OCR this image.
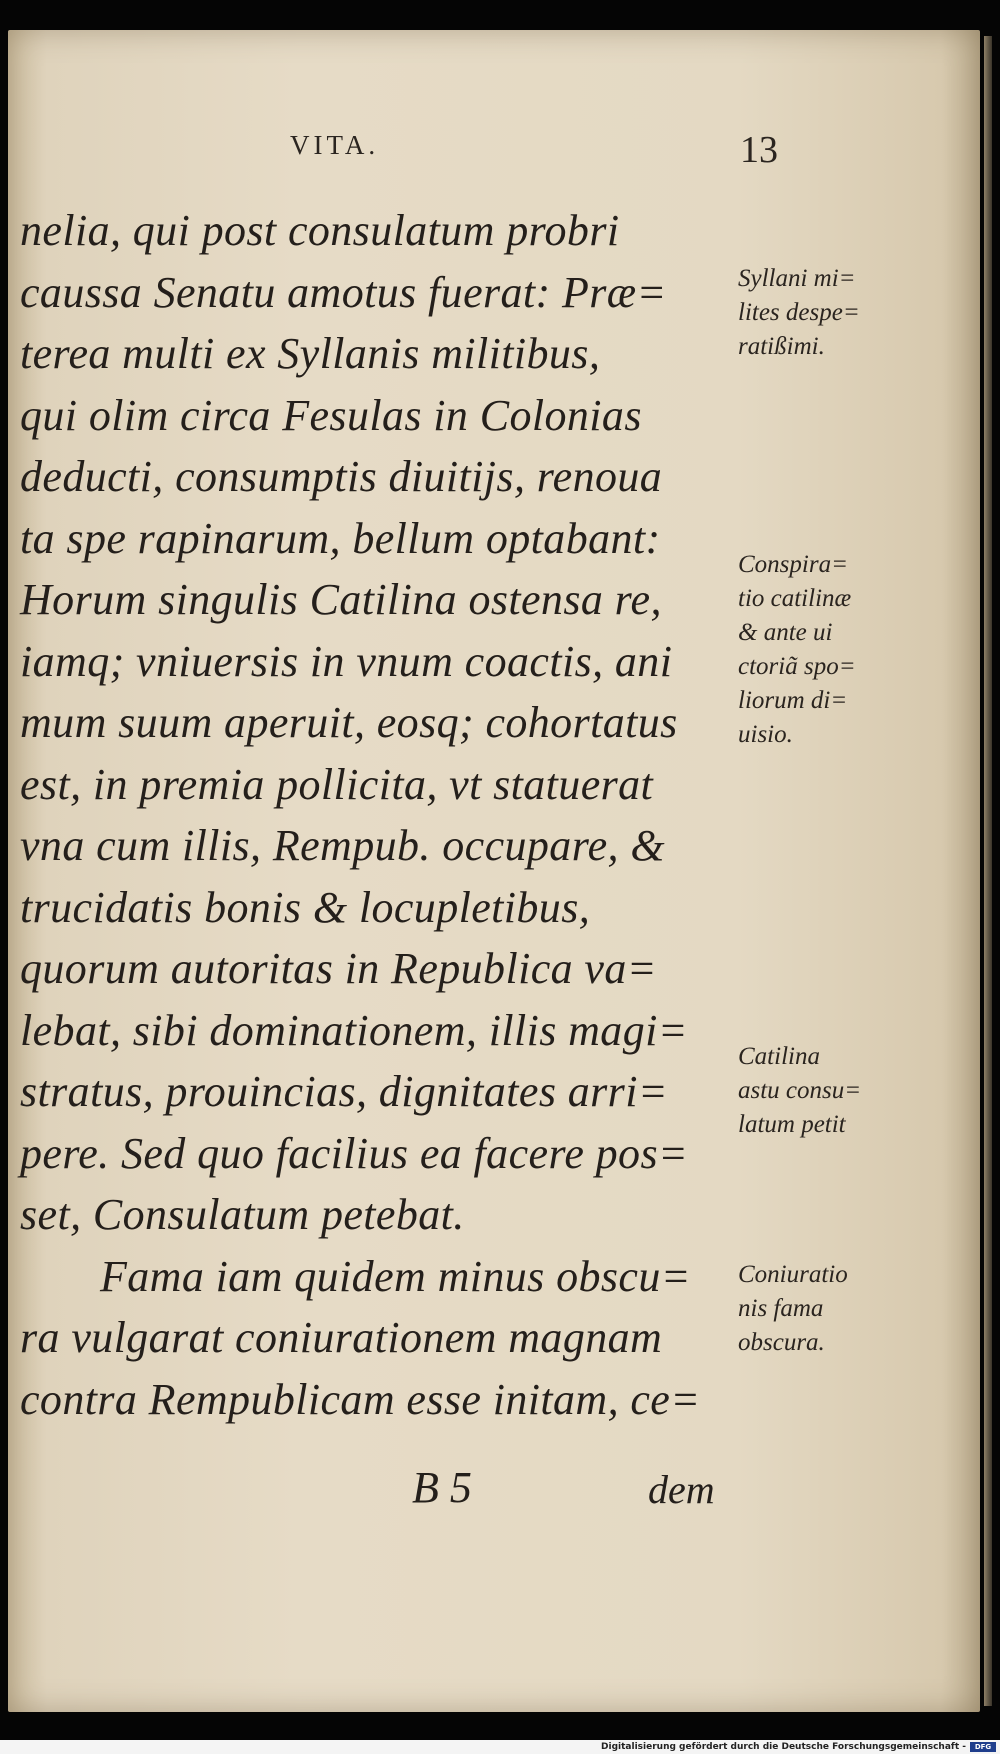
VITA.	13
nelia, qui post consulatum probri
caussa Senatu amotus fuerat: Præ=
terea multi ex Syllanis militibus,
qui olim circa Fesulas in Colonias
deducti, consumptis diuitijs, renoua
ta spe rapinarum, bellum optabant:
Horum singulis Catilina ostensa re,
iamq; vniuersis in vnum coactis, ani
mum suum aperuit, eosq; cohortatus
est, in premia pollicita, vt statuerat
vna cum illis, Rempub. occupare, &
trucidatis bonis & locupletibus,
quorum autoritas in Republica va=
lebat, sibi dominationem, illis magi=
stratus, prouincias, dignitates arri=
pere. Sed quo facilius ea facere pos=
set, Consulatum petebat.
Fama iam quidem minus obscu=
ra vulgarat coniurationem magnam
contra Rempublicam esse initam, ce=
Syllani mi=
lites despe=
ratißimi.
Conspira=
tio catilinæ
& ante ui
ctoriã spo=
liorum di=
uisio.
Catilina
astu consu=
latum petit
Coniuratio
nis fama
obscura.
B 5	dem
Digitalisierung gefördert durch die Deutsche Forschungsgemeinschaft -	DFG
